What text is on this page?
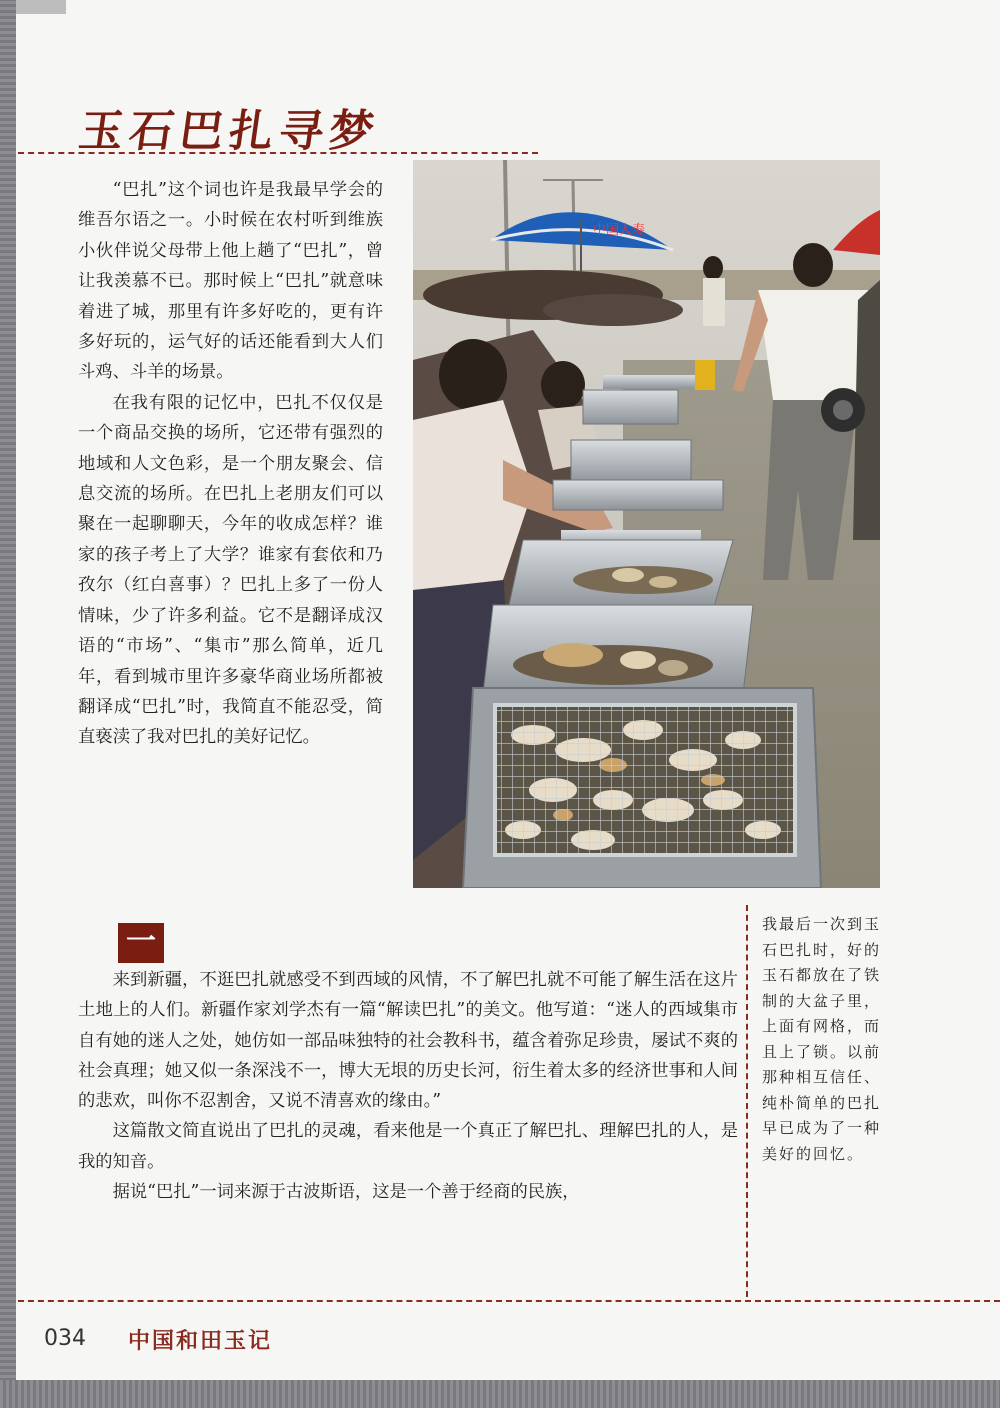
玉石巴扎寻梦

“巴扎”这个词也许是我最早学会的维吾尔语之一。小时候在农村听到维族小伙伴说父母带上他上趟了“巴扎”，曾让我羡慕不已。那时候上“巴扎”就意味着进了城，那里有许多好吃的，更有许多好玩的，运气好的话还能看到大人们斗鸡、斗羊的场景。

在我有限的记忆中，巴扎不仅仅是一个商品交换的场所，它还带有强烈的地域和人文色彩，是一个朋友聚会、信息交流的场所。在巴扎上老朋友们可以聚在一起聊聊天，今年的收成怎样？谁家的孩子考上了大学？谁家有套依和乃孜尔（红白喜事）？巴扎上多了一份人情味，少了许多利益。它不是翻译成汉语的“市场”、“集市”那么简单，近几年，看到城市里许多豪华商业场所都被翻译成“巴扎”时，我简直不能忍受，简直亵渎了我对巴扎的美好记忆。

中国人寿
一

来到新疆，不逛巴扎就感受不到西域的风情，不了解巴扎就不可能了解生活在这片土地上的人们。新疆作家刘学杰有一篇“解读巴扎”的美文。他写道：“迷人的西域集市自有她的迷人之处，她仿如一部品味独特的社会教科书，蕴含着弥足珍贵，屡试不爽的社会真理；她又似一条深浅不一，博大无垠的历史长河，衍生着太多的经济世事和人间的悲欢，叫你不忍割舍，又说不清喜欢的缘由。”

这篇散文简直说出了巴扎的灵魂，看来他是一个真正了解巴扎、理解巴扎的人，是我的知音。

据说“巴扎”一词来源于古波斯语，这是一个善于经商的民族，

我最后一次到玉石巴扎时，好的玉石都放在了铁制的大盆子里，上面有网格，而且上了锁。以前那种相互信任、纯朴简单的巴扎早已成为了一种美好的回忆。
034 中国和田玉记
